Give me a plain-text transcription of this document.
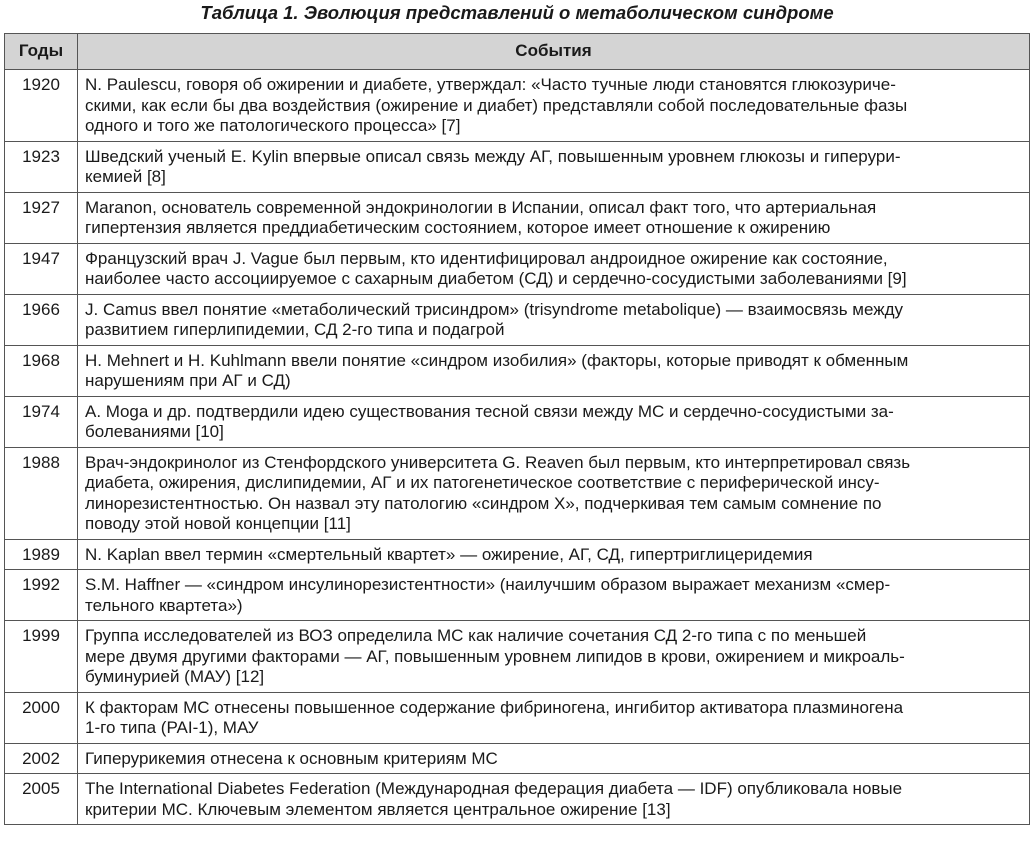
Таблица 1. Эволюция представлений о метаболическом синдроме
Годы	События
1920	N. Paulescu, говоря об ожирении и диабете, утверждал: «Часто тучные люди становятся глюкозуриче-
скими, как если бы два воздействия (ожирение и диабет) представляли собой последовательные фазы
одного и того же патологического процесса» [7]
1923	Шведский ученый E. Kylin впервые описал связь между АГ, повышенным уровнем глюкозы и гиперури-
кемией [8]
1927	Maranon, основатель современной эндокринологии в Испании, описал факт того, что артериальная
гипертензия является преддиабетическим состоянием, которое имеет отношение к ожирению
1947	Французский врач J. Vague был первым, кто идентифицировал андроидное ожирение как состояние,
наиболее часто ассоциируемое с сахарным диабетом (СД) и сердечно-сосудистыми заболеваниями [9]
1966	J. Camus ввел понятие «метаболический трисиндром» (trisyndrome metabolique) — взаимосвязь между
развитием гиперлипидемии, СД 2-го типа и подагрой
1968	H. Mehnert и H. Kuhlmann ввели понятие «синдром изобилия» (факторы, которые приводят к обменным
нарушениям при АГ и СД)
1974	A. Moga и др. подтвердили идею существования тесной связи между МС и сердечно-сосудистыми за-
болеваниями [10]
1988	Врач-эндокринолог из Стенфордского университета G. Reaven был первым, кто интерпретировал связь
диабета, ожирения, дислипидемии, АГ и их патогенетическое соответствие с периферической инсу-
линорезистентностью. Он назвал эту патологию «синдром X», подчеркивая тем самым сомнение по
поводу этой новой концепции [11]
1989	N. Kaplan ввел термин «смертельный квартет» — ожирение, АГ, СД, гипертриглицеридемия
1992	S.M. Haffner — «синдром инсулинорезистентности» (наилучшим образом выражает механизм «смер-
тельного квартета»)
1999	Группа исследователей из ВОЗ определила МС как наличие сочетания СД 2-го типа с по меньшей
мере двумя другими факторами — АГ, повышенным уровнем липидов в крови, ожирением и микроаль-
буминурией (МАУ) [12]
2000	К факторам МС отнесены повышенное содержание фибриногена, ингибитор активатора плазминогена
1-го типа (PAI-1), МАУ
2002	Гиперурикемия отнесена к основным критериям МС
2005	The International Diabetes Federation (Международная федерация диабета — IDF) опубликовала новые
критерии МС. Ключевым элементом является центральное ожирение [13]
